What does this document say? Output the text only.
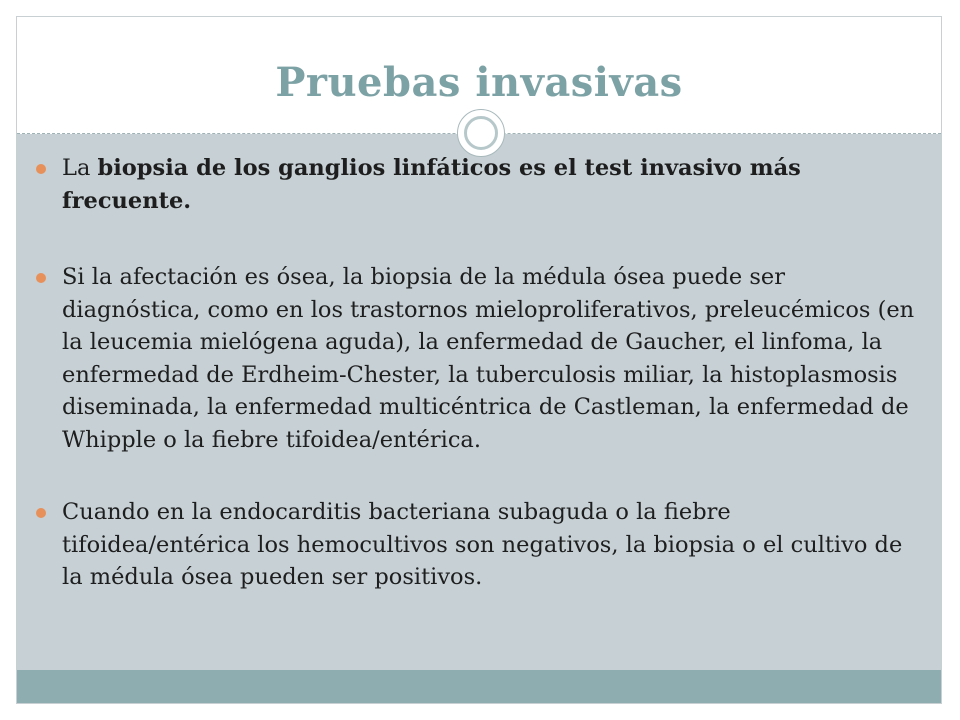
Pruebas invasivas
La biopsia de los ganglios linfáticos es el test invasivo más frecuente.
Si la afectación es ósea, la biopsia de la médula ósea puede ser diagnóstica, como en los trastornos mieloproliferativos, preleucémicos (en la leucemia mielógena aguda), la enfermedad de Gaucher, el linfoma, la enfermedad de Erdheim-Chester, la tuberculosis miliar, la histoplasmosis diseminada, la enfermedad multicéntrica de Castleman, la enfermedad de Whipple o la fiebre tifoidea/entérica.
Cuando en la endocarditis bacteriana subaguda o la fiebre tifoidea/entérica los hemocultivos son negativos, la biopsia o el cultivo de la médula ósea pueden ser positivos.
